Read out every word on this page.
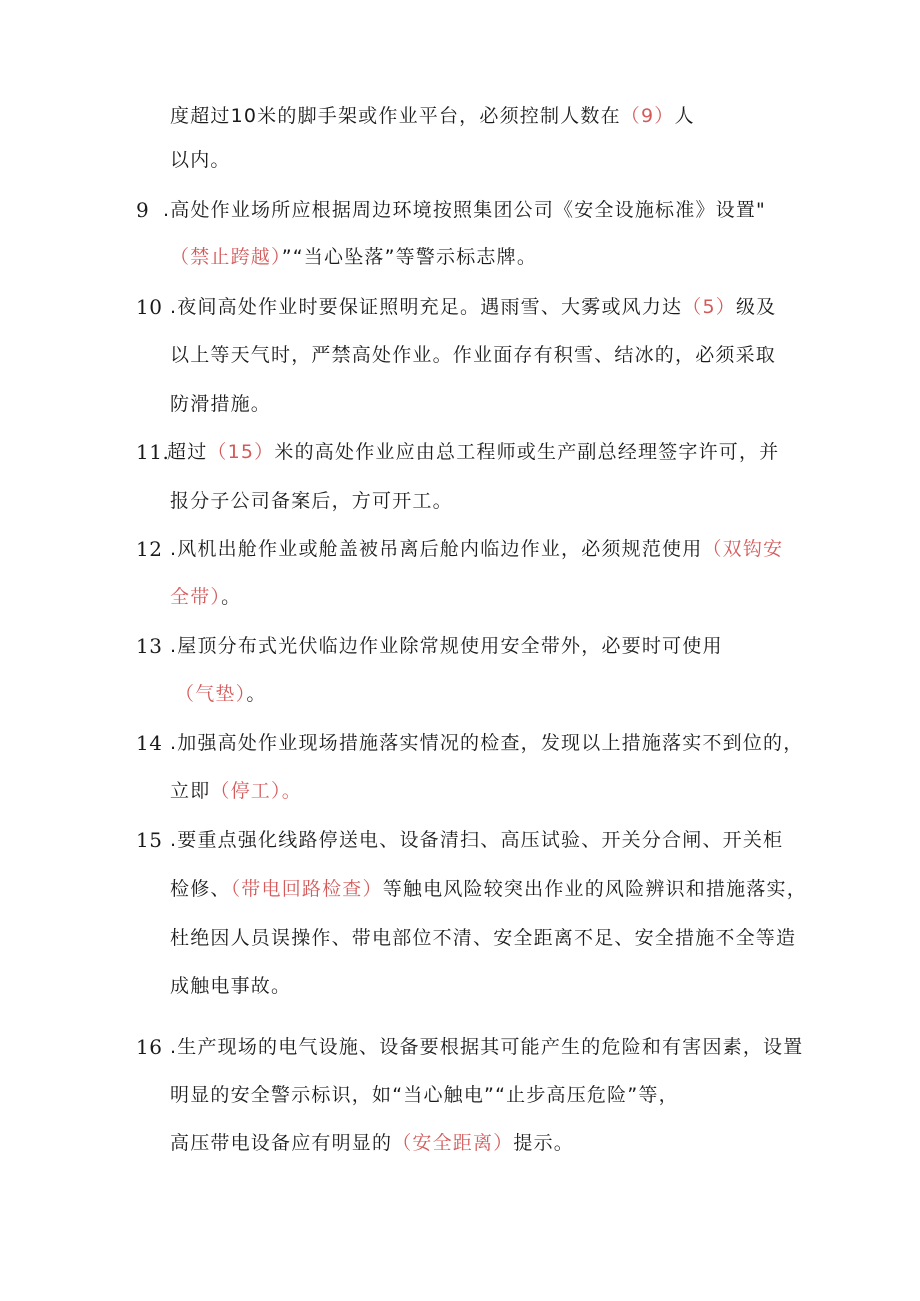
度超过10米的脚手架或作业平台，必须控制人数在（9）人
以内。
9 .高处作业场所应根据周边环境按照集团公司《安全设施标准》设置"
（禁止跨越）”“当心坠落”等警示标志牌。
10 .夜间高处作业时要保证照明充足。遇雨雪、大雾或风力达（5）级及
以上等天气时，严禁高处作业。作业面存有积雪、结冰的，必须采取
防滑措施。
11.
超过（15）米的高处作业应由总工程师或生产副总经理签字许可，并
报分子公司备案后，方可开工。
12 .风机出舱作业或舱盖被吊离后舱内临边作业，必须规范使用（双钩安
全带）。
13 .屋顶分布式光伏临边作业除常规使用安全带外，必要时可使用
（气垫）。
14 .加强高处作业现场措施落实情况的检查，发现以上措施落实不到位的，
立即（停工）。
15 .要重点强化线路停送电、设备清扫、高压试验、开关分合闸、开关柜
检修、（带电回路检查）等触电风险较突出作业的风险辨识和措施落实，
杜绝因人员误操作、带电部位不清、安全距离不足、安全措施不全等造
成触电事故。
16 .生产现场的电气设施、设备要根据其可能产生的危险和有害因素，设置
明显的安全警示标识，如“当心触电”“止步高压危险”等，
高压带电设备应有明显的（安全距离）提示。
